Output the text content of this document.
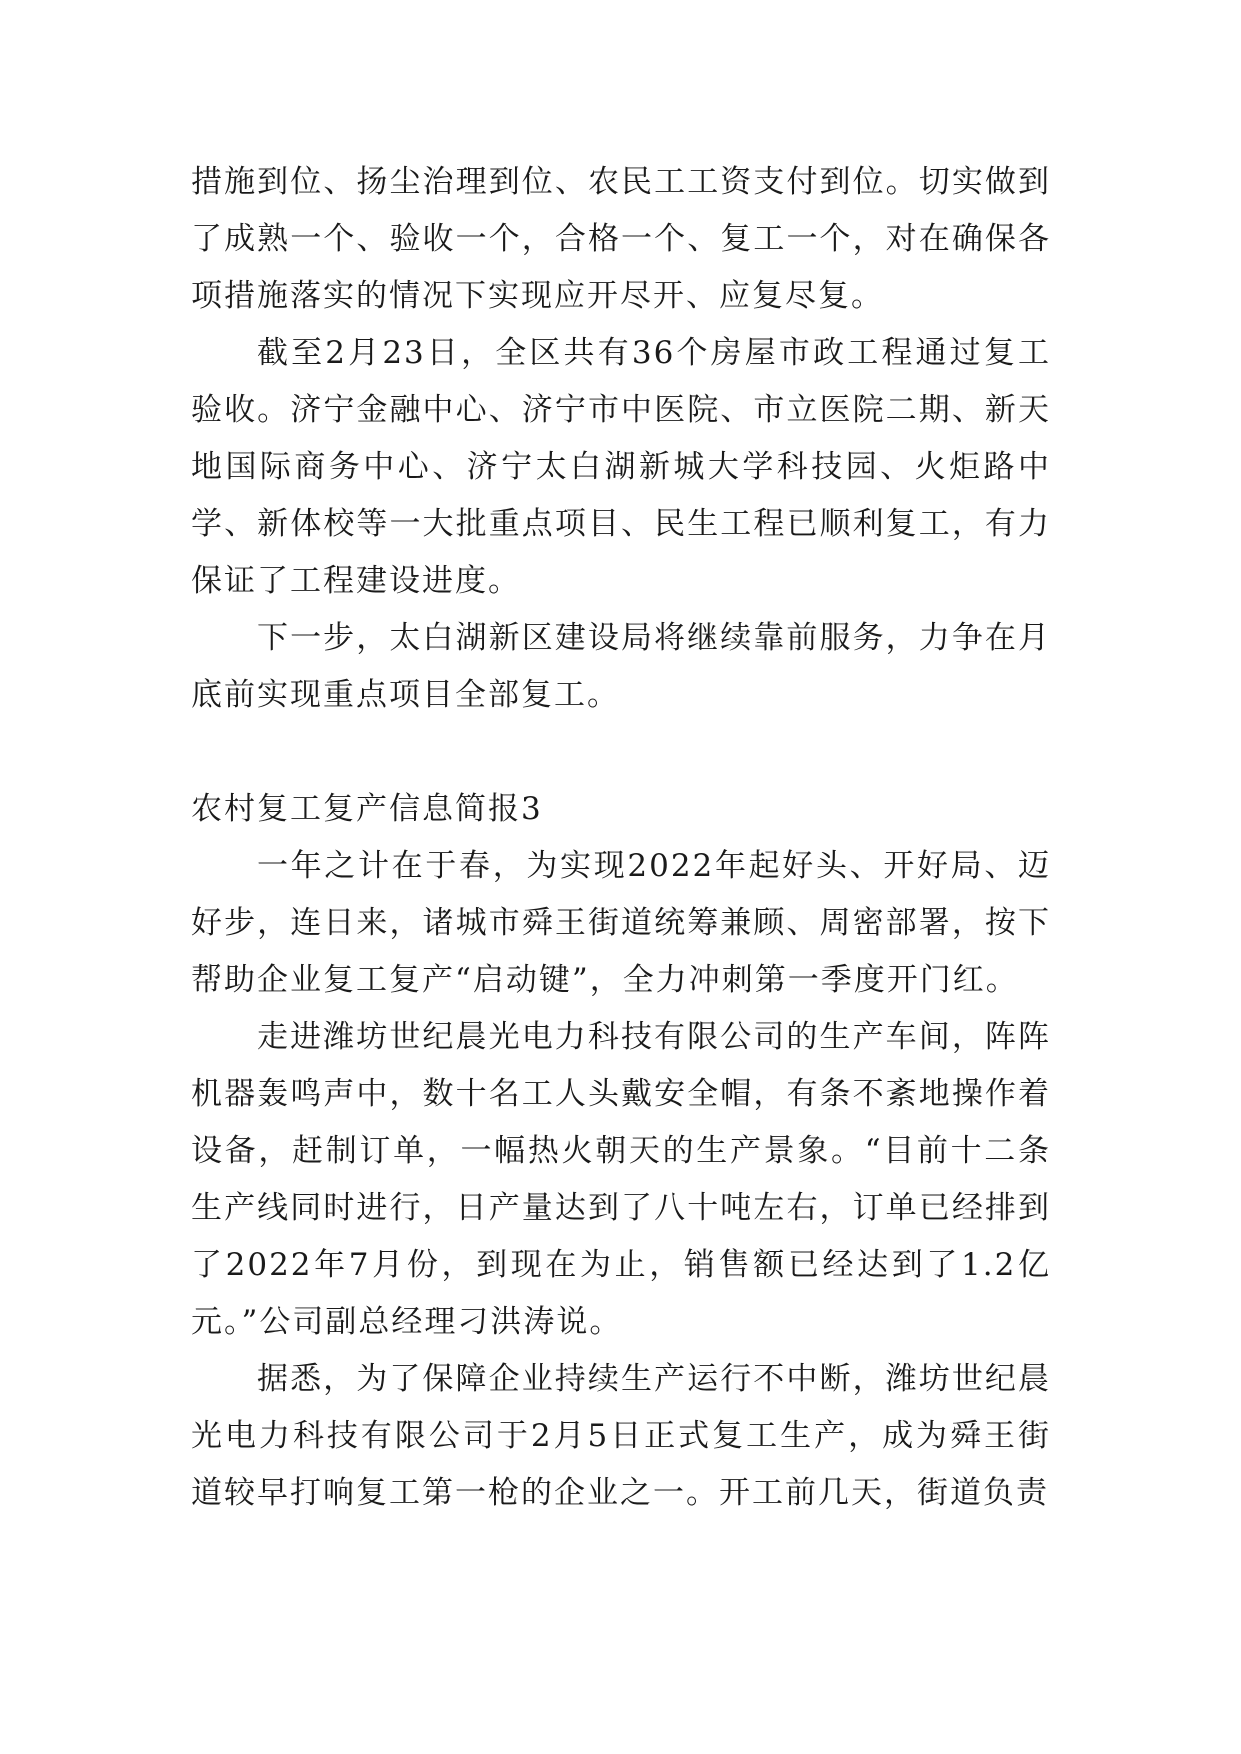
措施到位、扬尘治理到位、农民工工资支付到位。切实做到了成熟一个、验收一个，合格一个、复工一个，对在确保各项措施落实的情况下实现应开尽开、应复尽复。

截至2月23日，全区共有36个房屋市政工程通过复工验收。济宁金融中心、济宁市中医院、市立医院二期、新天地国际商务中心、济宁太白湖新城大学科技园、火炬路中学、新体校等一大批重点项目、民生工程已顺利复工，有力保证了工程建设进度。

下一步，太白湖新区建设局将继续靠前服务，力争在月底前实现重点项目全部复工。

农村复工复产信息简报3

一年之计在于春，为实现2022年起好头、开好局、迈好步，连日来，诸城市舜王街道统筹兼顾、周密部署，按下帮助企业复工复产“启动键”，全力冲刺第一季度开门红。

走进潍坊世纪晨光电力科技有限公司的生产车间，阵阵机器轰鸣声中，数十名工人头戴安全帽，有条不紊地操作着设备，赶制订单，一幅热火朝天的生产景象。“目前十二条生产线同时进行，日产量达到了八十吨左右，订单已经排到了2022年7月份，到现在为止，销售额已经达到了1.2亿元。”公司副总经理刁洪涛说。

据悉，为了保障企业持续生产运行不中断，潍坊世纪晨光电力科技有限公司于2月5日正式复工生产，成为舜王街道较早打响复工第一枪的企业之一。开工前几天，街道负责
